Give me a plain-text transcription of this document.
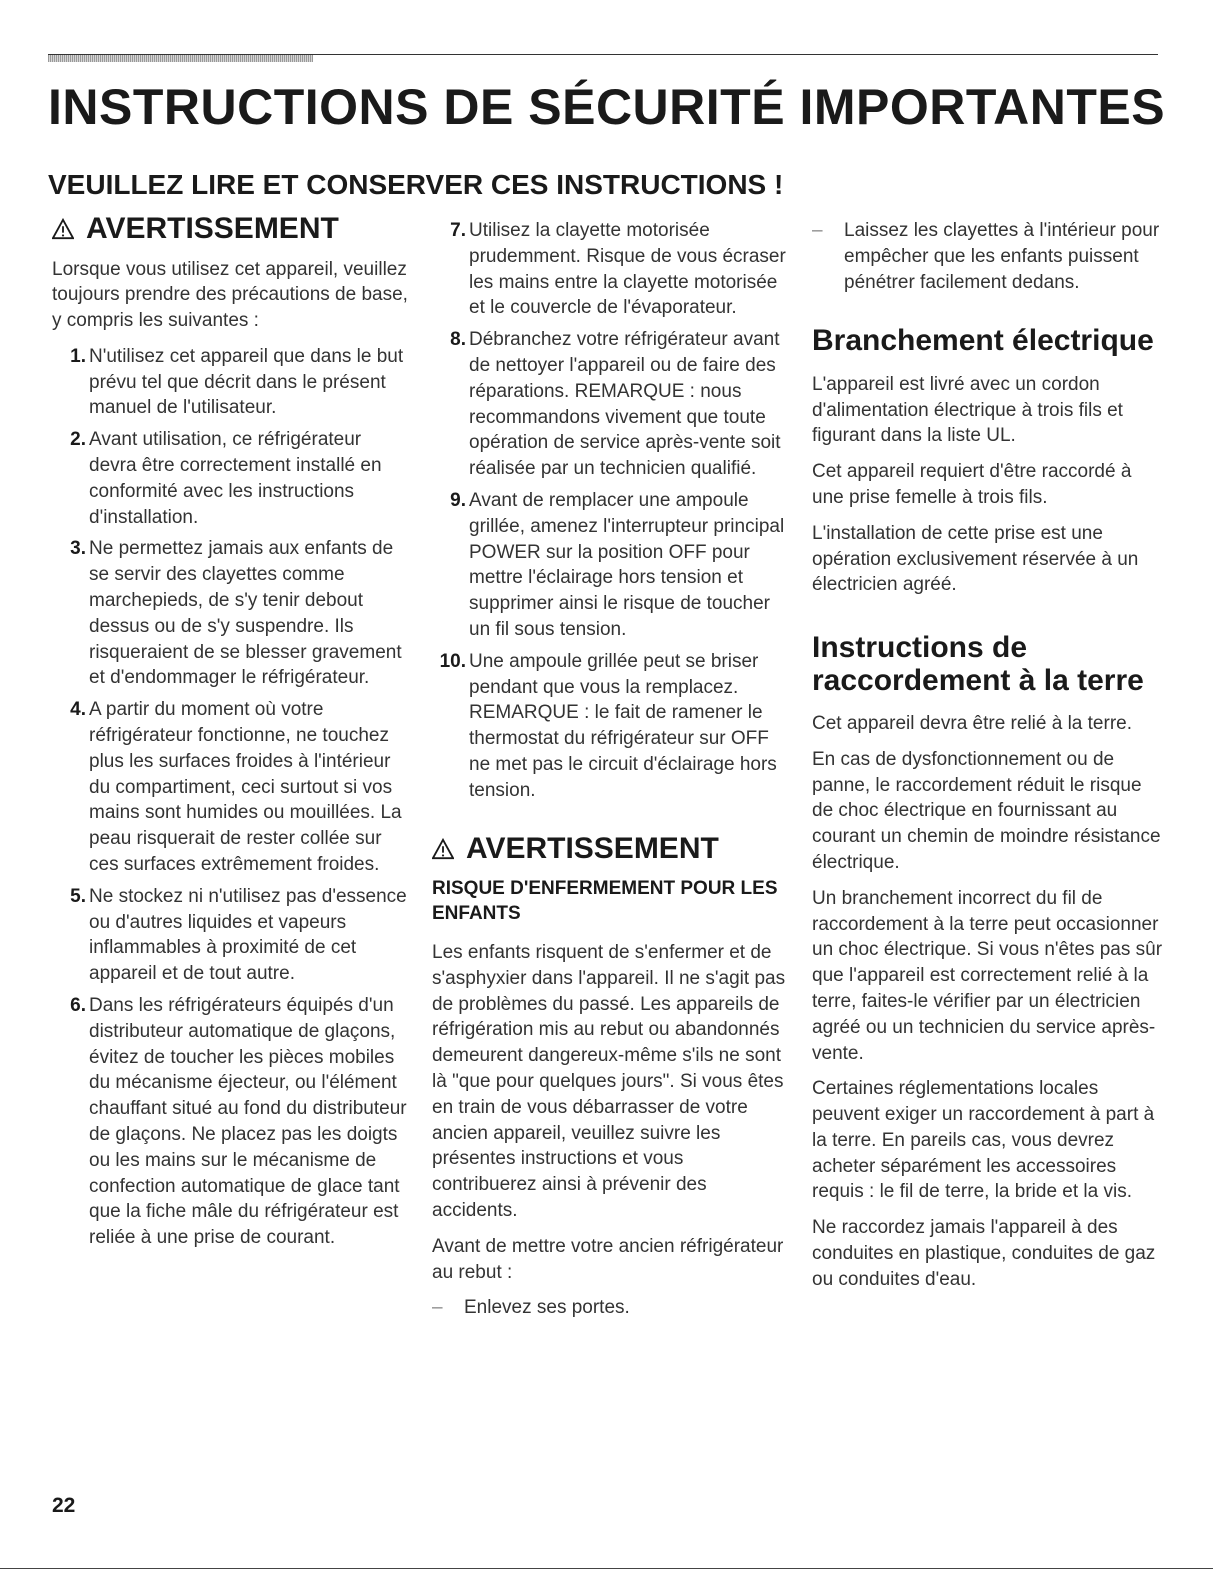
INSTRUCTIONS DE SÉCURITÉ IMPORTANTES
VEUILLEZ LIRE ET CONSERVER CES INSTRUCTIONS !
AVERTISSEMENT

Lorsque vous utilisez cet appareil, veuillez toujours prendre des précautions de base, y compris les suivantes :

1. N'utilisez cet appareil que dans le but prévu tel que décrit dans le présent manuel de l'utilisateur.
2. Avant utilisation, ce réfrigérateur devra être correctement installé en conformité avec les instructions d'installation.
3. Ne permettez jamais aux enfants de se servir des clayettes comme marchepieds, de s'y tenir debout dessus ou de s'y suspendre. Ils risqueraient de se blesser gravement et d'endommager le réfrigérateur.
4. A partir du moment où votre réfrigérateur fonctionne, ne touchez plus les surfaces froides à l'intérieur du compartiment, ceci surtout si vos mains sont humides ou mouillées. La peau risquerait de rester collée sur ces surfaces extrêmement froides.
5. Ne stockez ni n'utilisez pas d'essence ou d'autres liquides et vapeurs inflammables à proximité de cet appareil et de tout autre.
6. Dans les réfrigérateurs équipés d'un distributeur automatique de glaçons, évitez de toucher les pièces mobiles du mécanisme éjecteur, ou l'élément chauffant situé au fond du distributeur de glaçons. Ne placez pas les doigts ou les mains sur le mécanisme de confection automatique de glace tant que la fiche mâle du réfrigérateur est reliée à une prise de courant.
7. Utilisez la clayette motorisée prudemment. Risque de vous écraser les mains entre la clayette motorisée et le couvercle de l'évaporateur.
8. Débranchez votre réfrigérateur avant de nettoyer l'appareil ou de faire des réparations. REMARQUE : nous recommandons vivement que toute opération de service après-vente soit réalisée par un technicien qualifié.
9. Avant de remplacer une ampoule grillée, amenez l'interrupteur principal POWER sur la position OFF pour mettre l'éclairage hors tension et supprimer ainsi le risque de toucher un fil sous tension.
10. Une ampoule grillée peut se briser pendant que vous la remplacez. REMARQUE : le fait de ramener le thermostat du réfrigérateur sur OFF ne met pas le circuit d'éclairage hors tension.
AVERTISSEMENT
RISQUE D'ENFERMEMENT POUR LES ENFANTS

Les enfants risquent de s'enfermer et de s'asphyxier dans l'appareil. Il ne s'agit pas de problèmes du passé. Les appareils de réfrigération mis au rebut ou abandonnés demeurent dangereux-même s'ils ne sont là "que pour quelques jours". Si vous êtes en train de vous débarrasser de votre ancien appareil, veuillez suivre les présentes instructions et vous contribuerez ainsi à prévenir des accidents.

Avant de mettre votre ancien réfrigérateur au rebut :

– Enlevez ses portes.
– Laissez les clayettes à l'intérieur pour empêcher que les enfants puissent pénétrer facilement dedans.
Branchement électrique

L'appareil est livré avec un cordon d'alimentation électrique à trois fils et figurant dans la liste UL.

Cet appareil requiert d'être raccordé à une prise femelle à trois fils.

L'installation de cette prise est une opération exclusivement réservée à un électricien agréé.

Instructions de raccordement à la terre

Cet appareil devra être relié à la terre.

En cas de dysfonctionnement ou de panne, le raccordement réduit le risque de choc électrique en fournissant au courant un chemin de moindre résistance électrique.

Un branchement incorrect du fil de raccordement à la terre peut occasionner un choc électrique. Si vous n'êtes pas sûr que l'appareil est correctement relié à la terre, faites-le vérifier par un électricien agréé ou un technicien du service après-vente.

Certaines réglementations locales peuvent exiger un raccordement à part à la terre. En pareils cas, vous devrez acheter séparément les accessoires requis : le fil de terre, la bride et la vis.

Ne raccordez jamais l'appareil à des conduites en plastique, conduites de gaz ou conduites d'eau.

22
